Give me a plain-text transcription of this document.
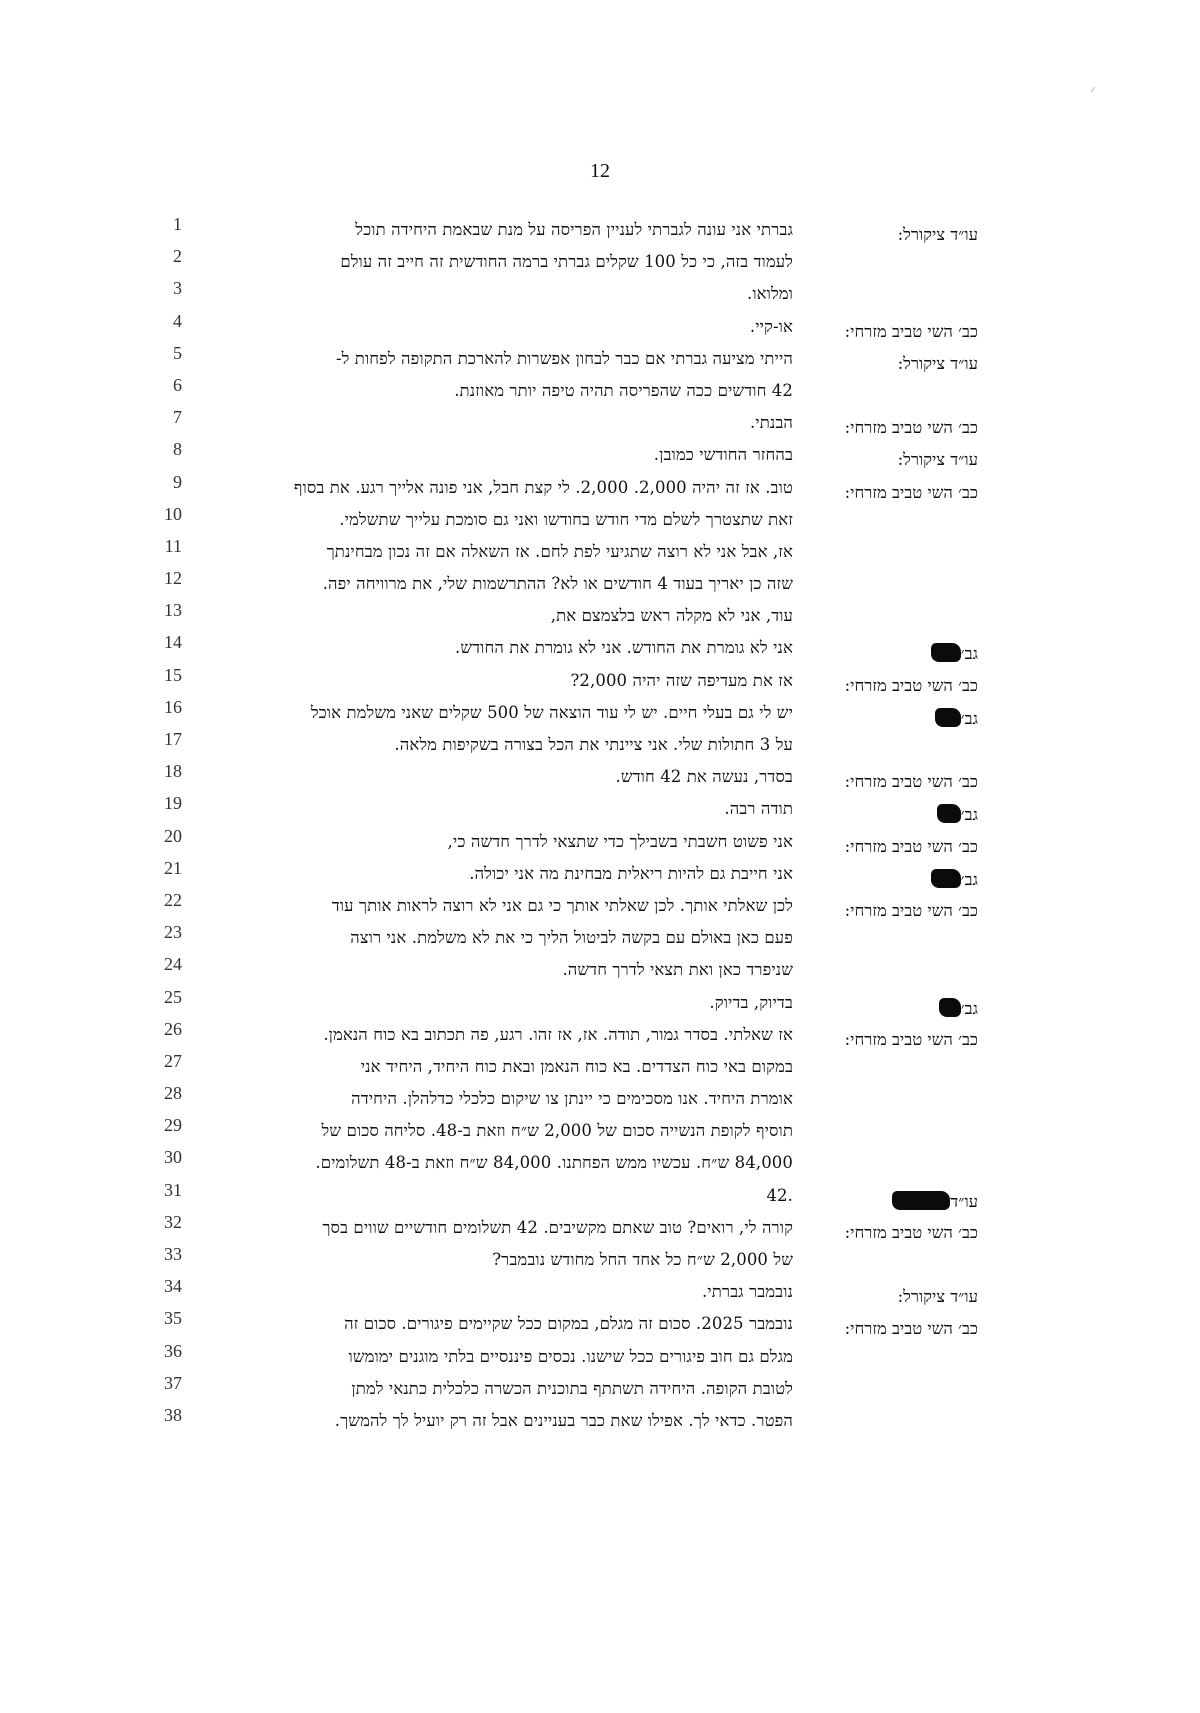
12
1	גברתי אני עונה לגברתי לעניין הפריסה על מנת שבאמת היחידה תוכל	עו״ד ציקורל:
2	לעמוד בזה, כי כל 100 שקלים גברתי ברמה החודשית זה חייב זה עולם
3	ומלואו.
4	או-קיי.	כב׳ השי טביב מזרחי:
5	הייתי מציעה גברתי אם כבר לבחון אפשרות להארכת התקופה לפחות ל-	עו״ד ציקורל:
6	42 חודשים ככה שהפריסה תהיה טיפה יותר מאוזנת.
7	הבנתי.	כב׳ השי טביב מזרחי:
8	בהחזר החודשי כמובן.	עו״ד ציקורל:
9	טוב. אז זה יהיה 2,000. 2,000. לי קצת חבל, אני פונה אלייך רגע. את בסוף	כב׳ השי טביב מזרחי:
10	זאת שתצטרך לשלם מדי חודש בחודשו ואני גם סומכת עלייך שתשלמי.
11	אז, אבל אני לא רוצה שתגיעי לפת לחם. אז השאלה אם זה נכון מבחינתך
12	שזה כן יאריך בעוד 4 חודשים או לא? ההתרשמות שלי, את מרוויחה יפה.
13	עוד, אני לא מקלה ראש בלצמצם את,
14	אני לא גומרת את החודש. אני לא גומרת את החודש.	גב׳
15	אז את מעדיפה שזה יהיה 2,000?	כב׳ השי טביב מזרחי:
16	יש לי גם בעלי חיים. יש לי עוד הוצאה של 500 שקלים שאני משלמת אוכל	גב׳
17	על 3 חתולות שלי. אני ציינתי את הכל בצורה בשקיפות מלאה.
18	בסדר, נעשה את 42 חודש.	כב׳ השי טביב מזרחי:
19	תודה רבה.	גב׳
20	אני פשוט חשבתי בשבילך כדי שתצאי לדרך חדשה כי,	כב׳ השי טביב מזרחי:
21	אני חייבת גם להיות ריאלית מבחינת מה אני יכולה.	גב׳
22	לכן שאלתי אותך. לכן שאלתי אותך כי גם אני לא רוצה לראות אותך עוד	כב׳ השי טביב מזרחי:
23	פעם כאן באולם עם בקשה לביטול הליך כי את לא משלמת. אני רוצה
24	שניפרד כאן ואת תצאי לדרך חדשה.
25	בדיוק, בדיוק.	גב׳
26	אז שאלתי. בסדר גמור, תודה. אז, אז זהו. רגע, פה תכתוב בא כוח הנאמן.	כב׳ השי טביב מזרחי:
27	במקום באי כוח הצדדים. בא כוח הנאמן ובאת כוח היחיד, היחיד אני
28	אומרת היחיד. אנו מסכימים כי יינתן צו שיקום כלכלי כדלהלן. היחידה
29	תוסיף לקופת הנשייה סכום של 2,000 ש״ח וזאת ב-48. סליחה סכום של
30	84,000 ש״ח. עכשיו ממש הפחתנו. 84,000 ש״ח וזאת ב-48 תשלומים.
31	.42	עו״ד
32	קורה לי, רואים? טוב שאתם מקשיבים. 42 תשלומים חודשיים שווים בסך	כב׳ השי טביב מזרחי:
33	של 2,000 ש״ח כל אחד החל מחודש נובמבר?
34	נובמבר גברתי.	עו״ד ציקורל:
35	נובמבר 2025. סכום זה מגלם, במקום ככל שקיימים פיגורים. סכום זה	כב׳ השי טביב מזרחי:
36	מגלם גם חוב פיגורים ככל שישנו. נכסים פיננסיים בלתי מוגנים ימומשו
37	לטובת הקופה. היחידה תשתתף בתוכנית הכשרה כלכלית כתנאי למתן
38	הפטר. כדאי לך. אפילו שאת כבר בעניינים אבל זה רק יועיל לך להמשך.
